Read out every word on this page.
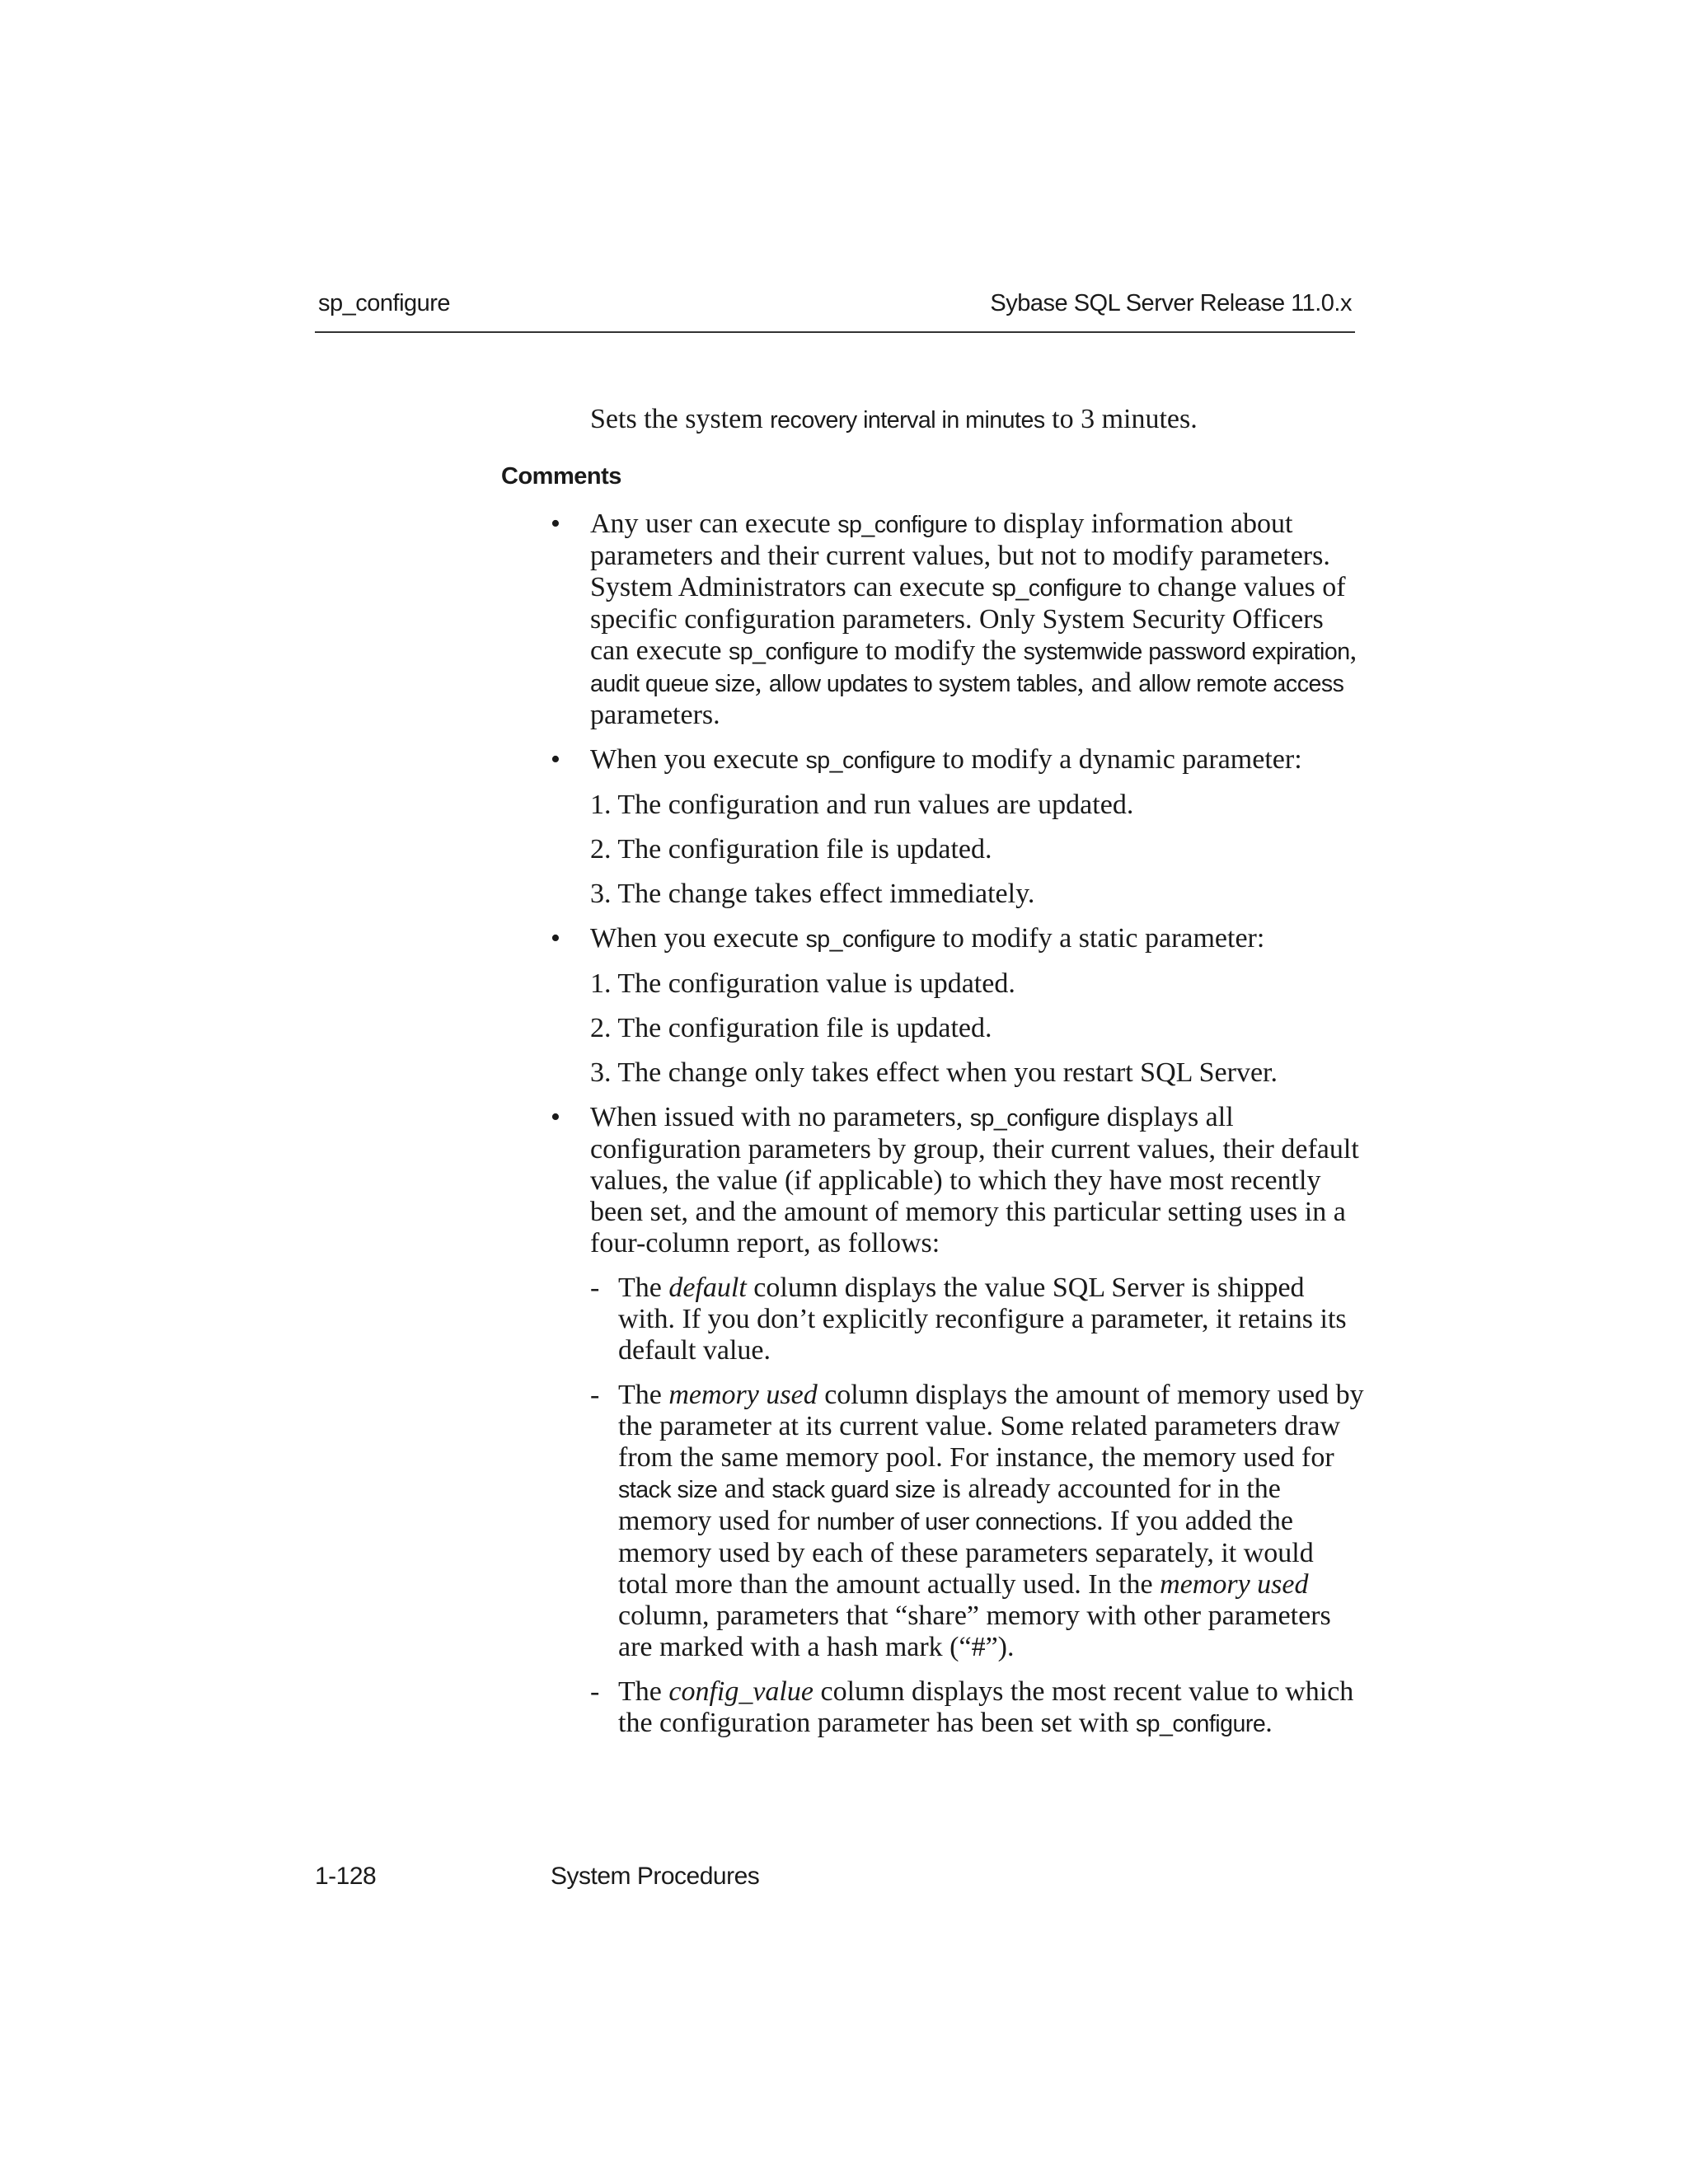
sp_configure	Sybase SQL Server Release 11.0.x

Sets the system recovery interval in minutes to 3 minutes.

Comments
• Any user can execute sp_configure to display information about parameters and their current values, but not to modify parameters. System Administrators can execute sp_configure to change values of specific configuration parameters. Only System Security Officers can execute sp_configure to modify the systemwide password expiration, audit queue size, allow updates to system tables, and allow remote access parameters.

• When you execute sp_configure to modify a dynamic parameter:

1. The configuration and run values are updated.

2. The configuration file is updated.

3. The change takes effect immediately.

• When you execute sp_configure to modify a static parameter:

1. The configuration value is updated.

2. The configuration file is updated.

3. The change only takes effect when you restart SQL Server.

• When issued with no parameters, sp_configure displays all configuration parameters by group, their current values, their default values, the value (if applicable) to which they have most recently been set, and the amount of memory this particular setting uses in a four-column report, as follows:

- The default column displays the value SQL Server is shipped with. If you don’t explicitly reconfigure a parameter, it retains its default value.

- The memory used column displays the amount of memory used by the parameter at its current value. Some related parameters draw from the same memory pool. For instance, the memory used for stack size and stack guard size is already accounted for in the memory used for number of user connections. If you added the memory used by each of these parameters separately, it would total more than the amount actually used. In the memory used column, parameters that “share” memory with other parameters are marked with a hash mark (“#”).

- The config_value column displays the most recent value to which the configuration parameter has been set with sp_configure.

1-128	System Procedures
